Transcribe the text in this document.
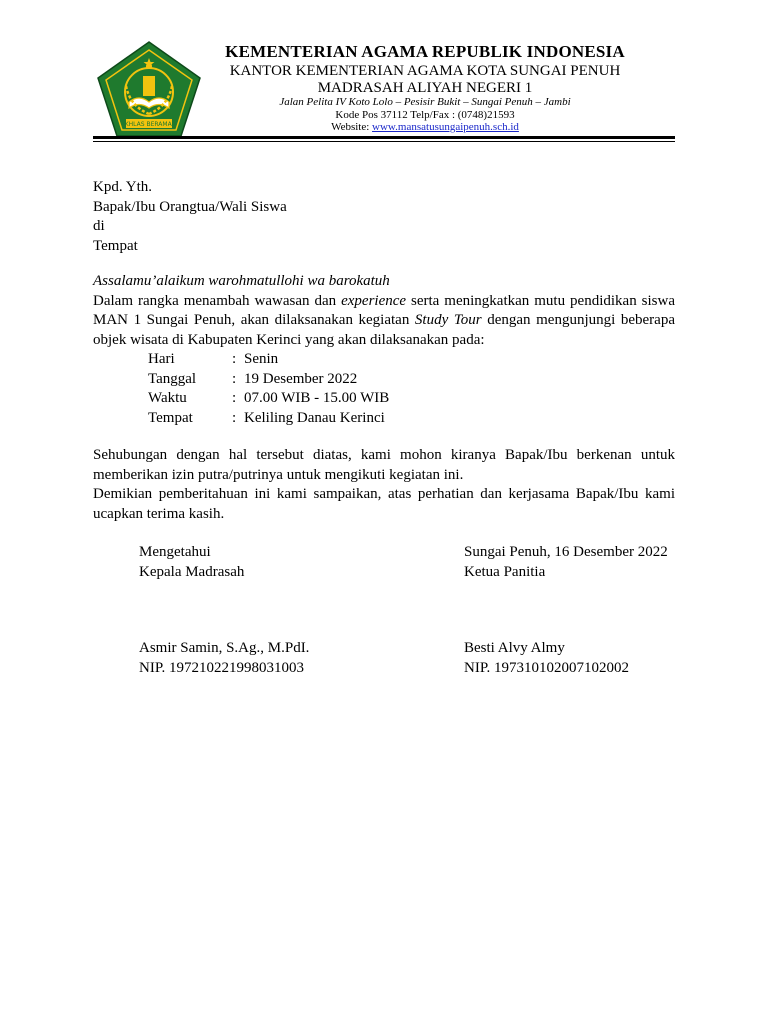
IKHLAS BERAMAL
KEMENTERIAN AGAMA REPUBLIK INDONESIA
KANTOR KEMENTERIAN AGAMA KOTA SUNGAI PENUH
MADRASAH ALIYAH NEGERI 1
Jalan Pelita IV Koto Lolo – Pesisir Bukit – Sungai Penuh – Jambi
Kode Pos 37112 Telp/Fax : (0748)21593
Website: www.mansatusungaipenuh.sch.id
Kpd. Yth.
Bapak/Ibu Orangtua/Wali Siswa
di
Tempat

Assalamu’alaikum warohmatullohi wa barokatuh

Dalam rangka menambah wawasan dan experience serta meningkatkan mutu pendidikan siswa MAN 1 Sungai Penuh, akan dilaksanakan kegiatan Study Tour dengan mengunjungi beberapa objek wisata di Kabupaten Kerinci yang akan dilaksanakan pada:

Hari	: Senin
Tanggal	: 19 Desember 2022
Waktu	: 07.00 WIB - 15.00 WIB
Tempat	: Keliling Danau Kerinci

Sehubungan dengan hal tersebut diatas, kami mohon kiranya Bapak/Ibu berkenan untuk memberikan izin putra/putrinya untuk mengikuti kegiatan ini.

Demikian pemberitahuan ini kami sampaikan, atas perhatian dan kerjasama Bapak/Ibu kami ucapkan terima kasih.

Mengetahui
Kepala Madrasah
Sungai Penuh, 16 Desember 2022
Ketua Panitia
Asmir Samin, S.Ag., M.PdI.
NIP. 197210221998031003
Besti Alvy Almy
NIP. 197310102007102002
